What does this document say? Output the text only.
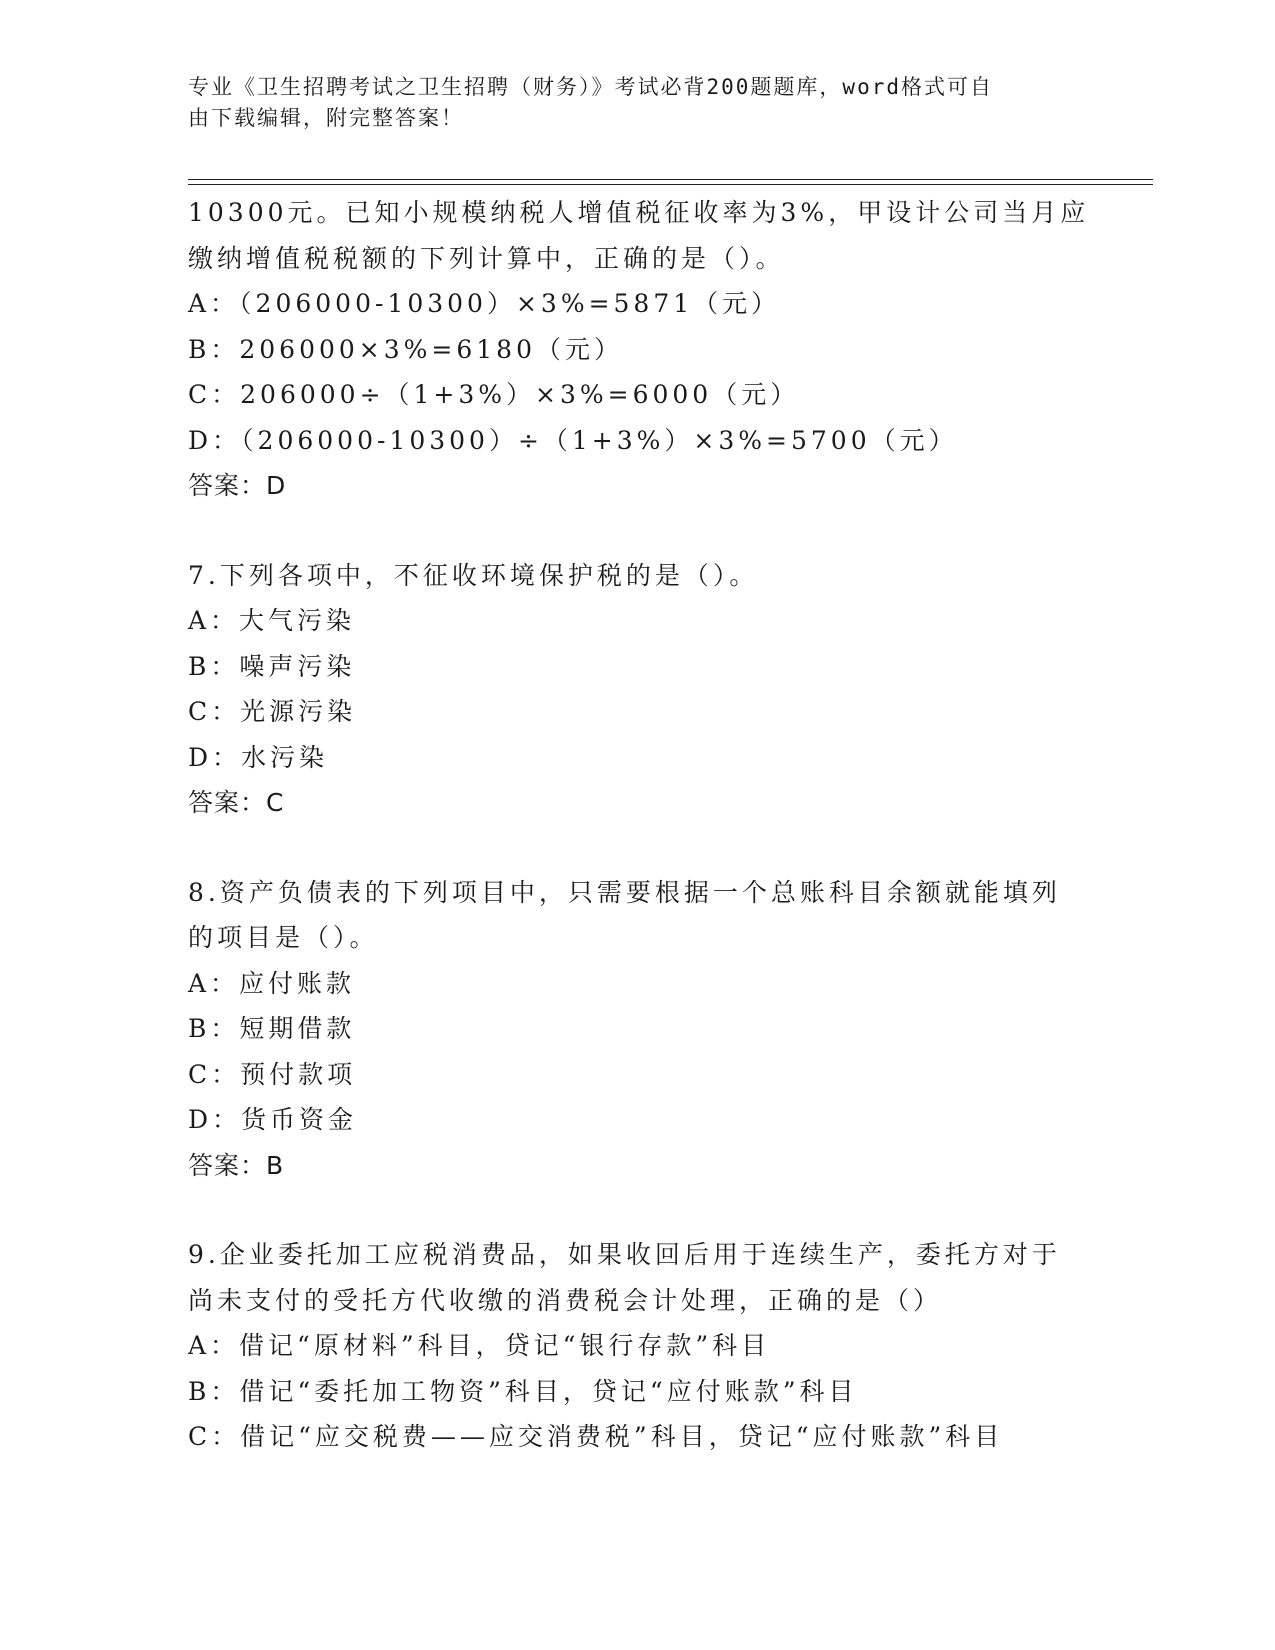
专业《卫生招聘考试之卫生招聘（财务）》考试必背200题题库，word格式可自
由下载编辑，附完整答案！
10300元。已知小规模纳税人增值税征收率为3%，甲设计公司当月应
缴纳增值税税额的下列计算中，正确的是（）。
A：（206000-10300）×3%=5871（元）
B：206000×3%=6180（元）
C：206000÷（1+3%）×3%=6000（元）
D：（206000-10300）÷（1+3%）×3%=5700（元）
答案：D
7.下列各项中，不征收环境保护税的是（）。
A：大气污染
B：噪声污染
C：光源污染
D：水污染
答案：C
8.资产负债表的下列项目中，只需要根据一个总账科目余额就能填列
的项目是（）。
A：应付账款
B：短期借款
C：预付款项
D：货币资金
答案：B
9.企业委托加工应税消费品，如果收回后用于连续生产，委托方对于
尚未支付的受托方代收缴的消费税会计处理，正确的是（）
A：借记“原材料”科目，贷记“银行存款”科目
B：借记“委托加工物资”科目，贷记“应付账款”科目
C：借记“应交税费——应交消费税”科目，贷记“应付账款”科目
